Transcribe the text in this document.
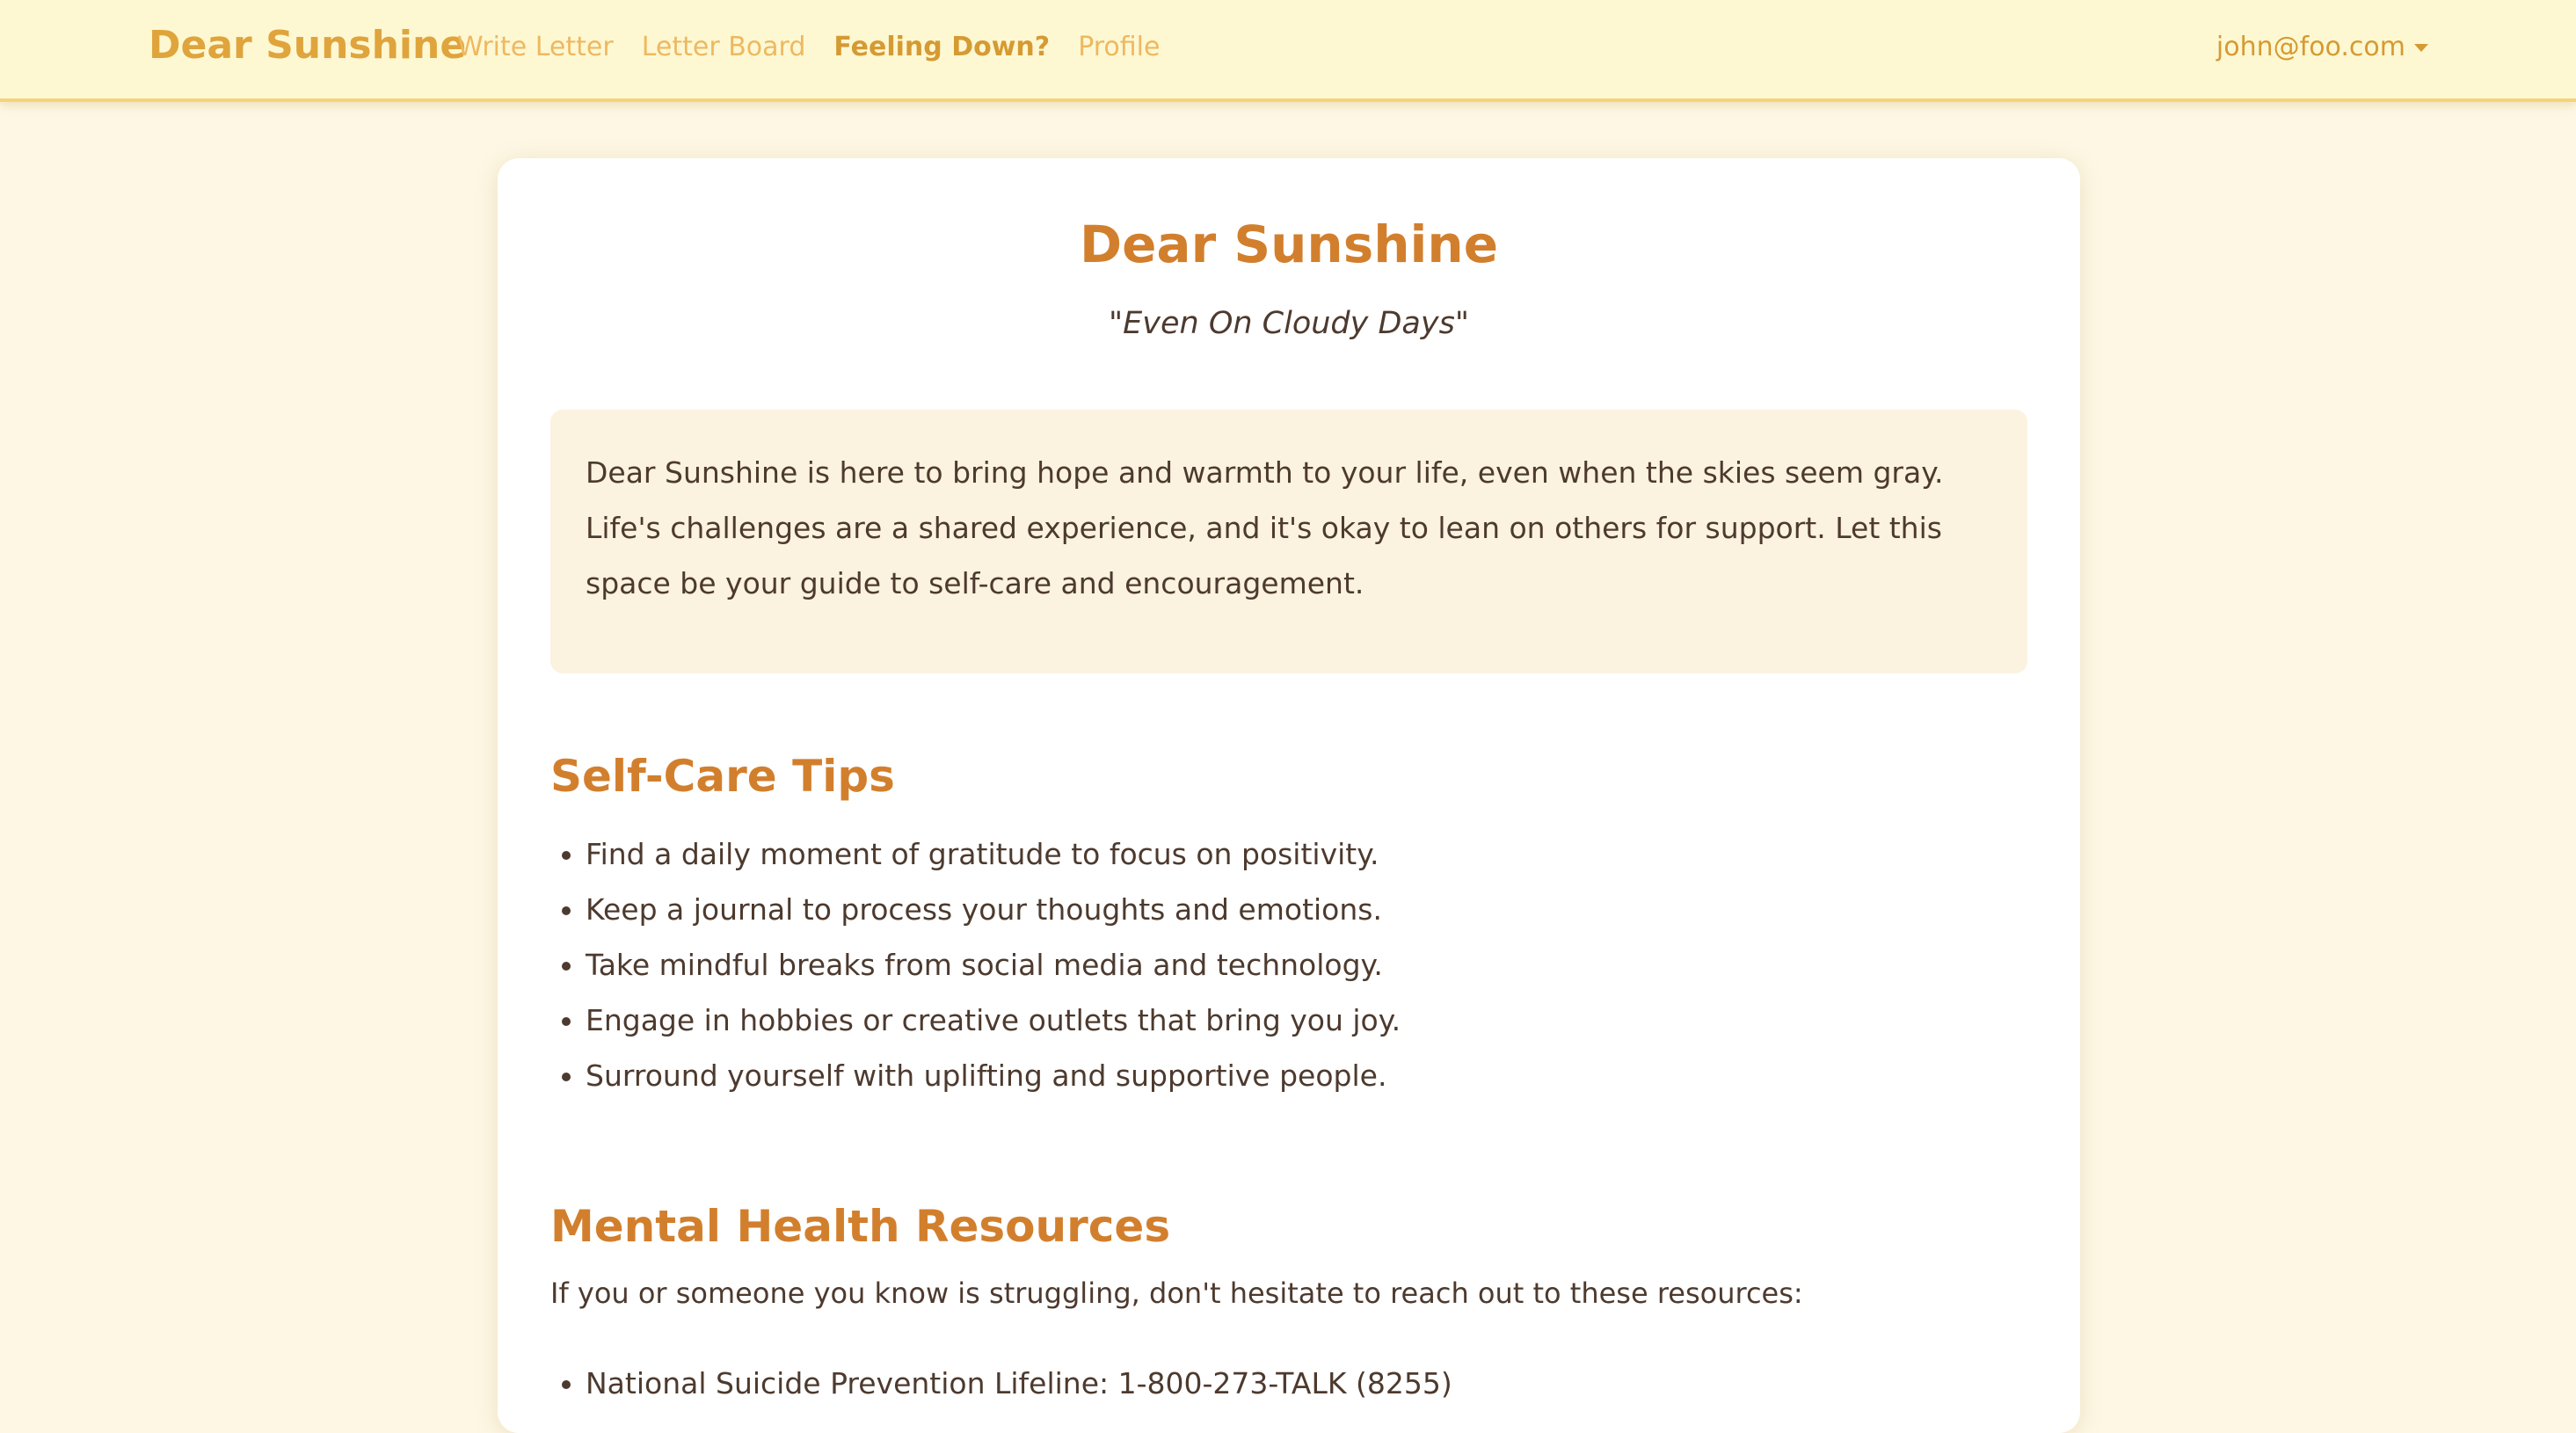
Dear Sunshine
Write Letter Letter Board Feeling Down? Profile	john@foo.com
Dear Sunshine

"Even On Cloudy Days"

Dear Sunshine is here to bring hope and warmth to your life, even when the skies seem gray. Life's challenges are a shared experience, and it's okay to lean on others for support. Let this space be your guide to self-care and encouragement.

Self-Care Tips
• Find a daily moment of gratitude to focus on positivity.
• Keep a journal to process your thoughts and emotions.
• Take mindful breaks from social media and technology.
• Engage in hobbies or creative outlets that bring you joy.
• Surround yourself with uplifting and supportive people.
Mental Health Resources

If you or someone you know is struggling, don't hesitate to reach out to these resources:

• National Suicide Prevention Lifeline: 1-800-273-TALK (8255)
